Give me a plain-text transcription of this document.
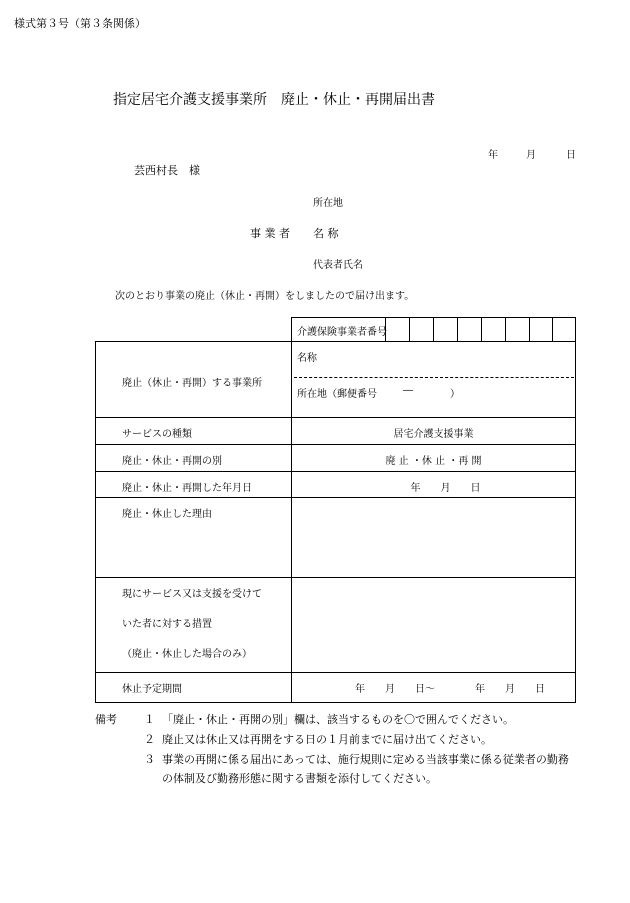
様式第３号（第３条関係）
指定居宅介護支援事業所　廃止・休止・再開届出書
年	月	日
芸西村長　様
所在地
事 業 者 名 称
代表者氏名
次のとおり事業の廃止（休止・再開）をしましたので届け出ます。
介護保険事業者番号
廃止（休止・再開）する事業所
名称
所在地（郵便番号	―	）
サービスの種類	居宅介護支援事業
廃止・休止・再開の別	廃 止 ・休 止 ・再 開
廃止・休止・再開した年月日	年　　月　　日
廃止・休止した理由
現にサービス又は支援を受けて
いた者に対する措置
（廃止・休止した場合のみ）
休止予定期間	年　　月　　日～　　　　年　　月　　日
備考 １ 「廃止・休止・再開の別」欄は、該当するものを〇で囲んでください。
２ 廃止又は休止又は再開をする日の１月前までに届け出てください。
３ 事業の再開に係る届出にあっては、施行規則に定める当該事業に係る従業者の勤務
の体制及び勤務形態に関する書類を添付してください。
